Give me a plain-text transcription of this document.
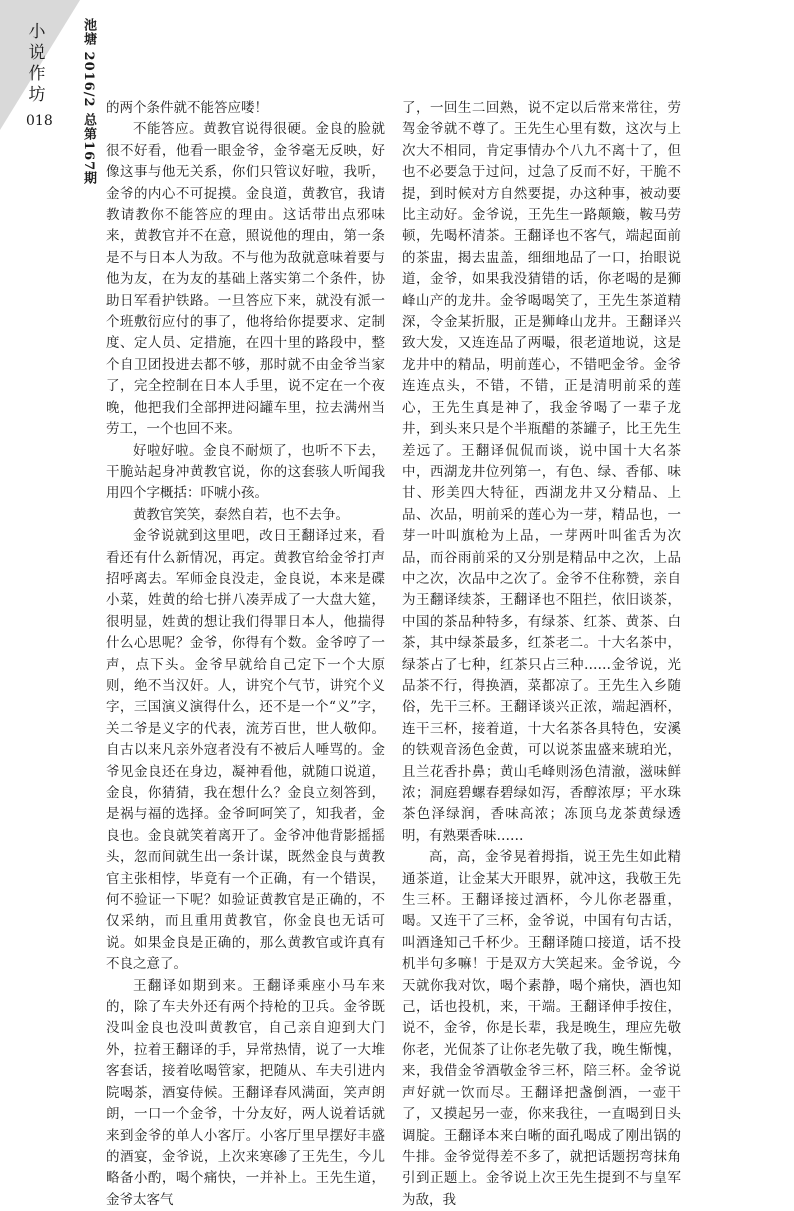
小说作坊
018 池塘 2016/2 总第167期 的两个条件就不能答应喽！

不能答应。黄教官说得很硬。金良的脸就很不好看，他看一眼金爷，金爷毫无反映，好像这事与他无关系，你们只管议好啦，我听，金爷的内心不可捉摸。金良道，黄教官，我请教请教你不能答应的理由。这话带出点邪味来，黄教官并不在意，照说他的理由，第一条是不与日本人为敌。不与他为敌就意味着要与他为友，在为友的基础上落实第二个条件，协助日军看护铁路。一旦答应下来，就没有派一个班敷衍应付的事了，他将给你提要求、定制度、定人员、定措施，在四十里的路段中，整个自卫团投进去都不够，那时就不由金爷当家了，完全控制在日本人手里，说不定在一个夜晚，他把我们全部押进闷罐车里，拉去满州当劳工，一个也回不来。

好啦好啦。金良不耐烦了，也听不下去，干脆站起身冲黄教官说，你的这套骇人听闻我用四个字概括：吓唬小孩。

黄教官笑笑，泰然自若，也不去争。

金爷说就到这里吧，改日王翻译过来，看看还有什么新情况，再定。黄教官给金爷打声招呼离去。军师金良没走，金良说，本来是碟小菜，姓黄的给七拼八凑弄成了一大盘大筵，很明显，姓黄的想让我们得罪日本人，他揣得什么心思呢？金爷，你得有个数。金爷哼了一声，点下头。金爷早就给自己定下一个大原则，绝不当汉奸。人，讲究个气节，讲究个义字，三国演义演得什么，还不是一个“义”字，关二爷是义字的代表，流芳百世，世人敬仰。自古以来凡亲外寇者没有不被后人唾骂的。金爷见金良还在身边，凝神看他，就随口说道，金良，你猜猜，我在想什么？金良立刻答到，是祸与福的选择。金爷呵呵笑了，知我者，金良也。金良就笑着离开了。金爷冲他背影摇摇头，忽而间就生出一条计谋，既然金良与黄教官主张相悖，毕竟有一个正确，有一个错误，何不验证一下呢？如验证黄教官是正确的，不仅采纳，而且重用黄教官，你金良也无话可说。如果金良是正确的，那么黄教官或许真有不良之意了。

王翻译如期到来。王翻译乘座小马车来的，除了车夫外还有两个持枪的卫兵。金爷既没叫金良也没叫黄教官，自己亲自迎到大门外，拉着王翻译的手，异常热情，说了一大堆客套话，接着吆喝管家，把随从、车夫引进内院喝茶，酒宴侍候。王翻译春风满面，笑声朗朗，一口一个金爷，十分友好，两人说着话就来到金爷的单人小客厅。小客厅里早摆好丰盛的酒宴，金爷说，上次来寒碜了王先生，今儿略备小酌，喝个痛快，一并补上。王先生道，金爷太客气

了，一回生二回熟，说不定以后常来常往，劳驾金爷就不尊了。王先生心里有数，这次与上次大不相同，肯定事情办个八九不离十了，但也不必要急于过问，过急了反而不好，干脆不提，到时候对方自然要提，办这种事，被动要比主动好。金爷说，王先生一路颠簸，鞍马劳顿，先喝杯清茶。王翻译也不客气，端起面前的茶盅，揭去盅盖，细细地品了一口，抬眼说道，金爷，如果我没猜错的话，你老喝的是狮峰山产的龙井。金爷喝喝笑了，王先生茶道精深，令金某折服，正是狮峰山龙井。王翻译兴致大发，又连连品了两嘬，很老道地说，这是龙井中的精品，明前莲心，不错吧金爷。金爷连连点头，不错，不错，正是清明前采的莲心，王先生真是神了，我金爷喝了一辈子龙井，到头来只是个半瓶醋的茶罐子，比王先生差远了。王翻译侃侃而谈，说中国十大名茶中，西湖龙井位列第一，有色、绿、香郁、味甘、形美四大特征，西湖龙井又分精品、上品、次品，明前采的莲心为一芽，精品也，一芽一叶叫旗枪为上品，一芽两叶叫雀舌为次品，而谷雨前采的又分别是精品中之次，上品中之次，次品中之次了。金爷不住称赞，亲自为王翻译续茶，王翻译也不阻拦，依旧谈茶，中国的茶品种特多，有绿茶、红茶、黄茶、白茶，其中绿茶最多，红茶老二。十大名茶中，绿茶占了七种，红茶只占三种……金爷说，光品茶不行，得换酒，菜都凉了。王先生入乡随俗，先干三杯。王翻译谈兴正浓，端起酒杯，连干三杯，接着道，十大名茶各具特色，安溪的铁观音汤色金黄，可以说茶盅盛来琥珀光，且兰花香扑鼻；黄山毛峰则汤色清澈，滋味鲜浓；洞庭碧螺春碧绿如泻，香醇浓厚；平水珠茶色泽绿润，香味高浓；冻顶乌龙茶黄绿透明，有熟栗香味……

高，高，金爷晃着拇指，说王先生如此精通茶道，让金某大开眼界，就冲这，我敬王先生三杯。王翻译接过酒杯，今儿你老器重，喝。又连干了三杯，金爷说，中国有句古话，叫酒逢知己千杯少。王翻译随口接道，话不投机半句多嘛！于是双方大笑起来。金爷说，今天就你我对饮，喝个素静，喝个痛快，酒也知己，话也投机，来，干端。王翻译伸手按住，说不，金爷，你是长辈，我是晚生，理应先敬你老，光侃茶了让你老先敬了我，晚生惭愧，来，我借金爷酒敬金爷三杯，陪三杯。金爷说声好就一饮而尽。王翻译把盏倒酒，一壶干了，又摸起另一壶，你来我往，一直喝到日头调腚。王翻译本来白晰的面孔喝成了刚出锅的牛排。金爷觉得差不多了，就把话题拐弯抹角引到正题上。金爷说上次王先生提到不与皇军为敌，我
